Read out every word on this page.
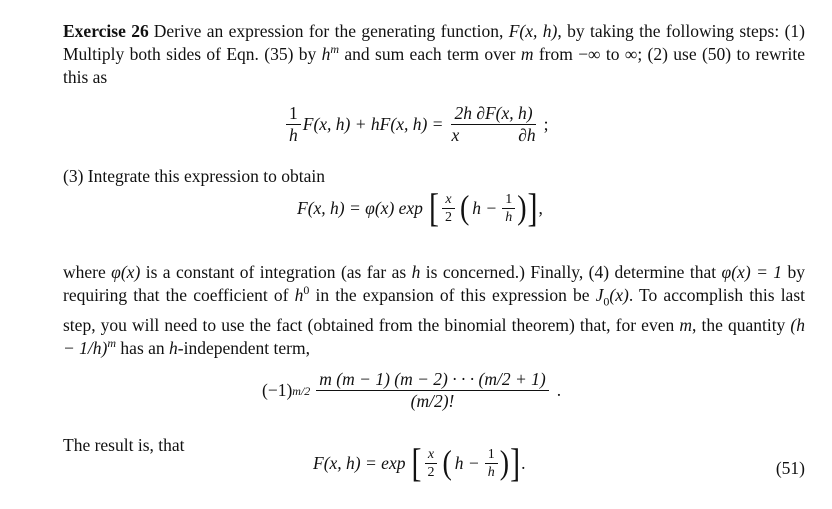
Exercise 26 Derive an expression for the generating function, F(x, h), by taking the following steps: (1) Multiply both sides of Eqn. (35) by $h^m$ and sum each term over m from −∞ to ∞; (2) use (50) to rewrite this as
$\frac{1}{h} F(x$, h) + hF(x, h) = 2h ∂F(x, h)
x	∂h ;
(3) Integrate this expression to obtain
F(x, h) = φ(x) exp [ $\frac{x}{2}$ ( $h - \frac{1}{h}$ ) ] ,
where φ(x) is a constant of integration (as far as h is concerned.) Finally, (4) determine that φ(x) = 1 by requiring that the coefficient of $h^0$ in the expansion of this expression be $J_0(x)$. To accomplish this last step, you will need to use the fact (obtained from the binomial theorem) that, for even m, the quantity $(h - 1/h)^m$ has an h-independent term,
(−1) $m/2 \frac{m (m - 1) (m - 2) \cdot \cdot \cdot (m/2 + 1)}{(m/2)!}$ .
The result is, that
F(x, h) = exp [ $\frac{x}{2}$ ( $h - \frac{1}{h}$ ) ] .	(51)
